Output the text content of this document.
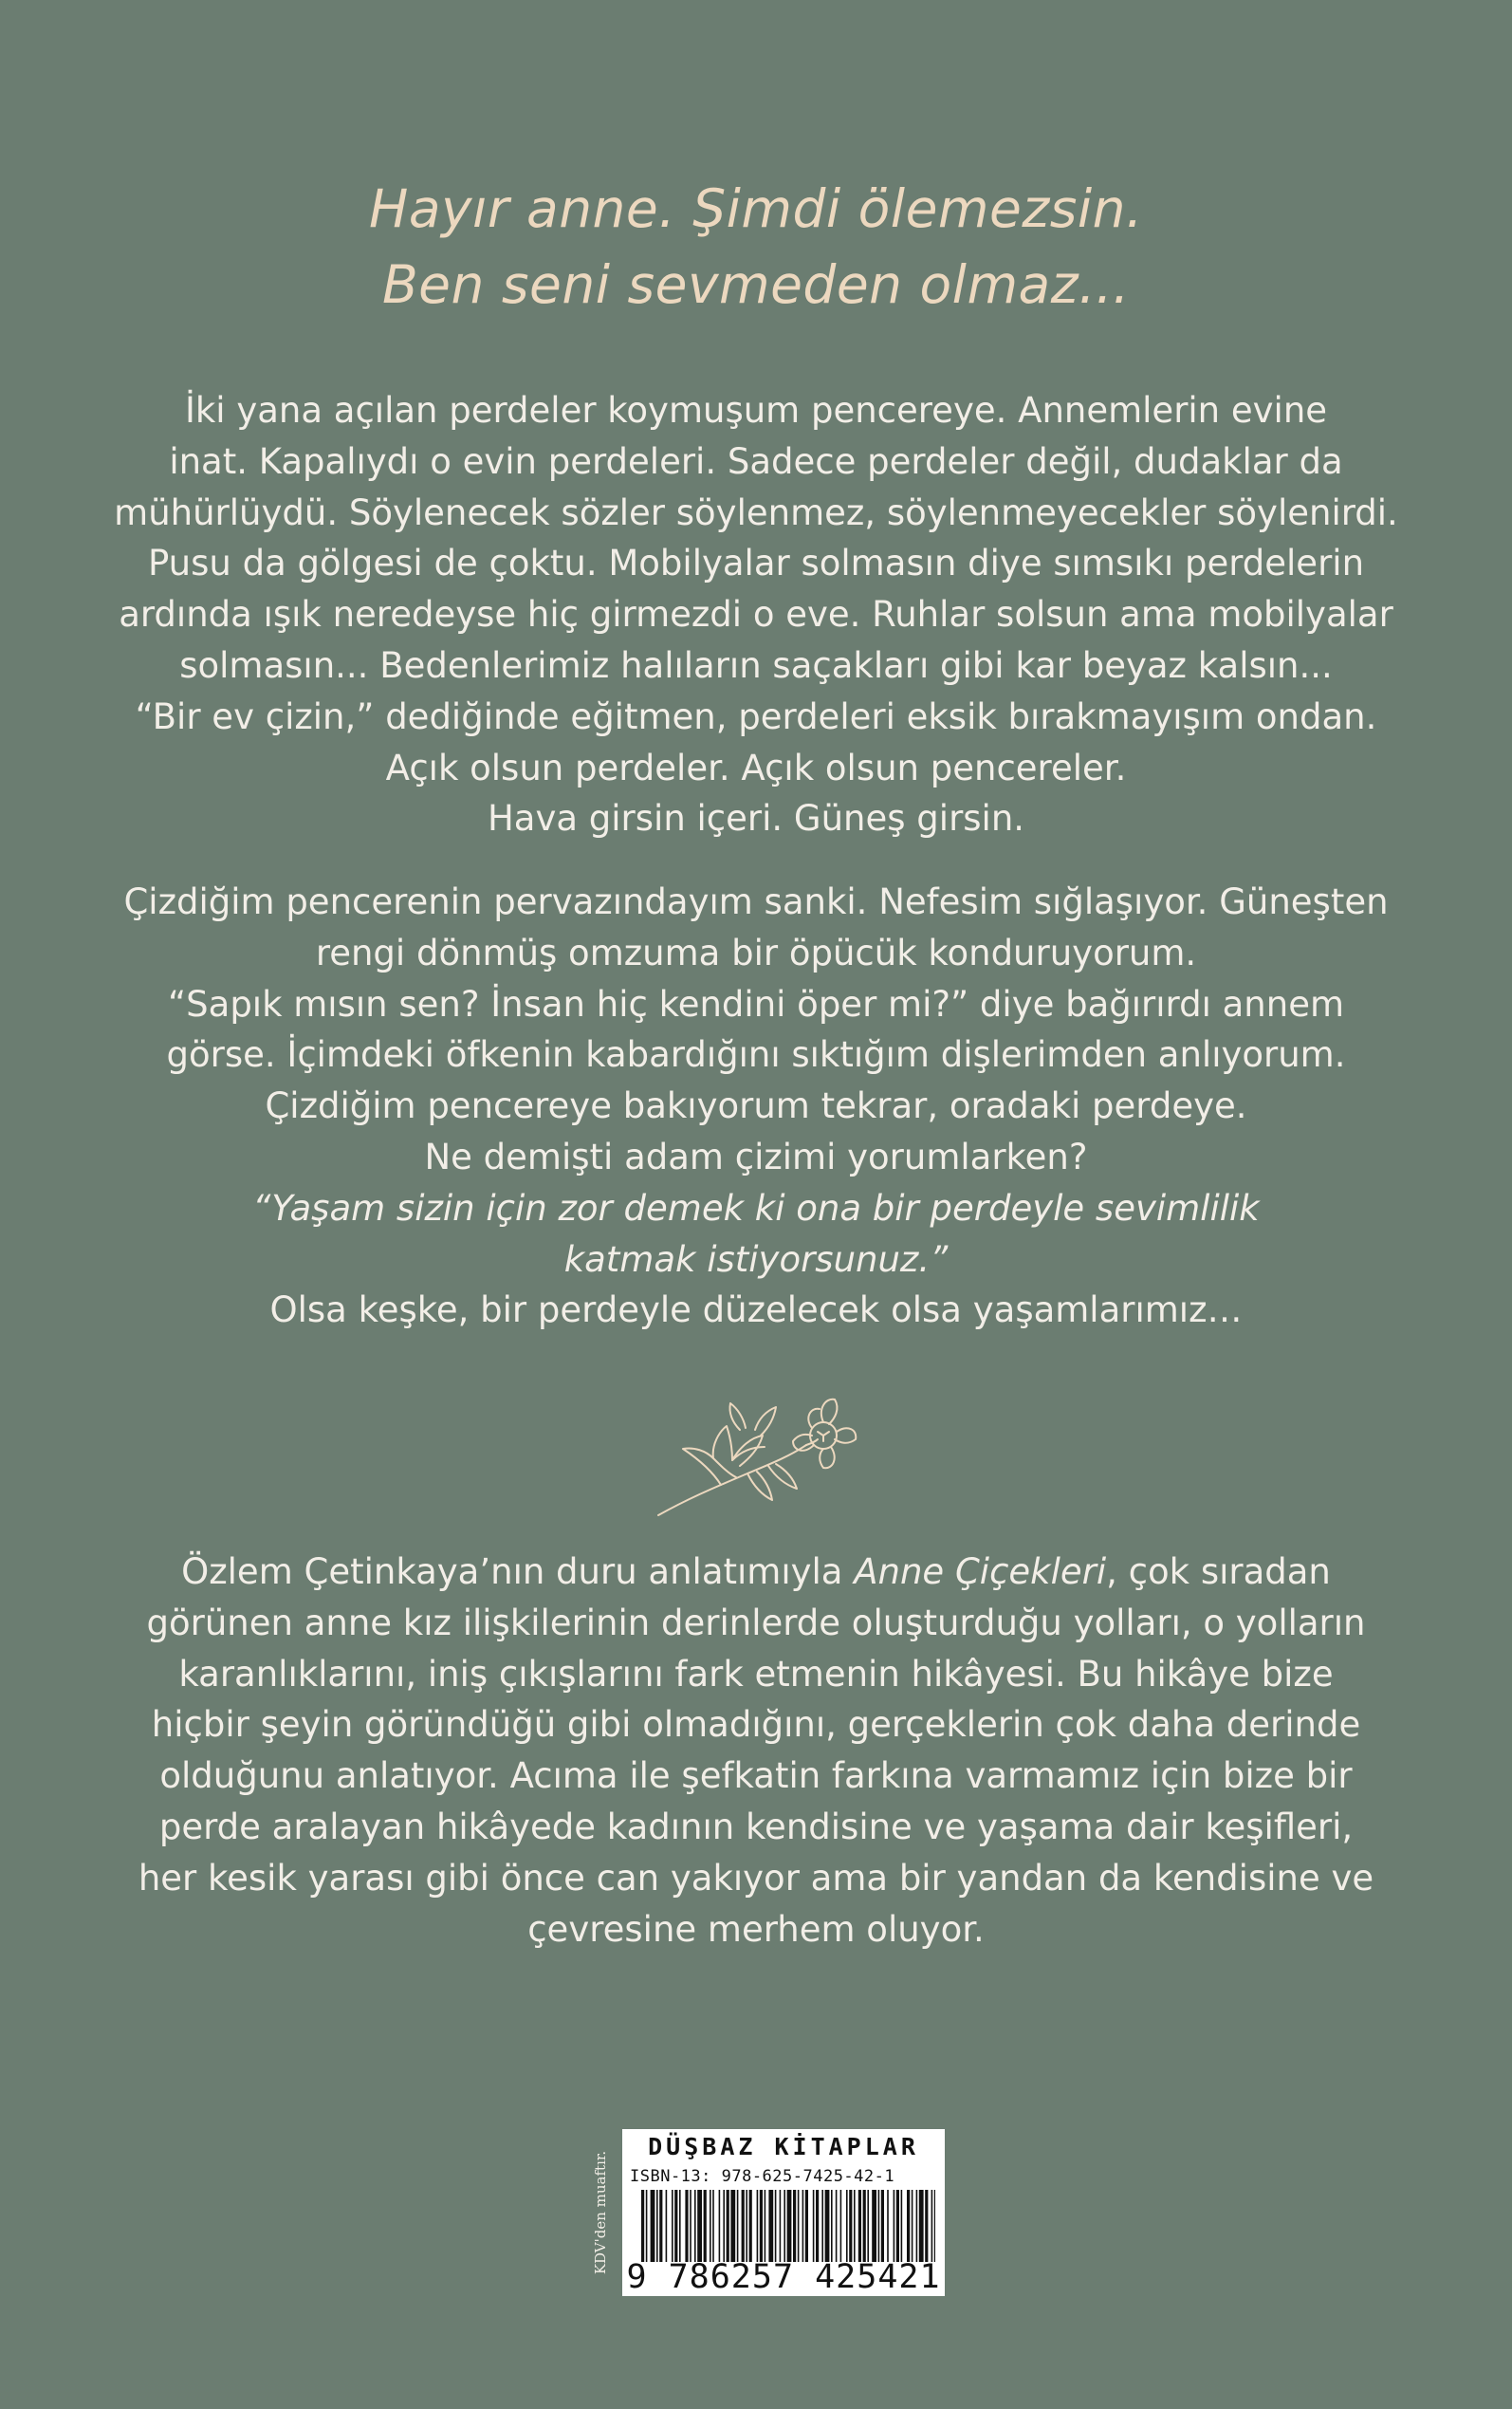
Hayır anne. Şimdi ölemezsin.
Ben seni sevmeden olmaz...
İki yana açılan perdeler koymuşum pencereye. Annemlerin evine
inat. Kapalıydı o evin perdeleri. Sadece perdeler değil, dudaklar da
mühürlüydü. Söylenecek sözler söylenmez, söylenmeyecekler söylenirdi.
Pusu da gölgesi de çoktu. Mobilyalar solmasın diye sımsıkı perdelerin
ardında ışık neredeyse hiç girmezdi o eve. Ruhlar solsun ama mobilyalar
solmasın... Bedenlerimiz halıların saçakları gibi kar beyaz kalsın...
“Bir ev çizin,” dediğinde eğitmen, perdeleri eksik bırakmayışım ondan.
Açık olsun perdeler. Açık olsun pencereler.
Hava girsin içeri. Güneş girsin.
Çizdiğim pencerenin pervazındayım sanki. Nefesim sığlaşıyor. Güneşten
rengi dönmüş omzuma bir öpücük konduruyorum.
“Sapık mısın sen? İnsan hiç kendini öper mi?” diye bağırırdı annem
görse. İçimdeki öfkenin kabardığını sıktığım dişlerimden anlıyorum.
Çizdiğim pencereye bakıyorum tekrar, oradaki perdeye.
Ne demişti adam çizimi yorumlarken?
“Yaşam sizin için zor demek ki ona bir perdeyle sevimlilik
katmak istiyorsunuz.”
Olsa keşke, bir perdeyle düzelecek olsa yaşamlarımız…
Özlem Çetinkaya’nın duru anlatımıyla Anne Çiçekleri, çok sıradan
görünen anne kız ilişkilerinin derinlerde oluşturduğu yolları, o yolların
karanlıklarını, iniş çıkışlarını fark etmenin hikâyesi. Bu hikâye bize
hiçbir şeyin göründüğü gibi olmadığını, gerçeklerin çok daha derinde
olduğunu anlatıyor. Acıma ile şefkatin farkına varmamız için bize bir
perde aralayan hikâyede kadının kendisine ve yaşama dair keşifleri,
her kesik yarası gibi önce can yakıyor ama bir yandan da kendisine ve
çevresine merhem oluyor.
KDV'den muaftır.
DÜŞBAZ KİTAPLAR
ISBN-13: 978-625-7425-42-1
9 786257 425421
